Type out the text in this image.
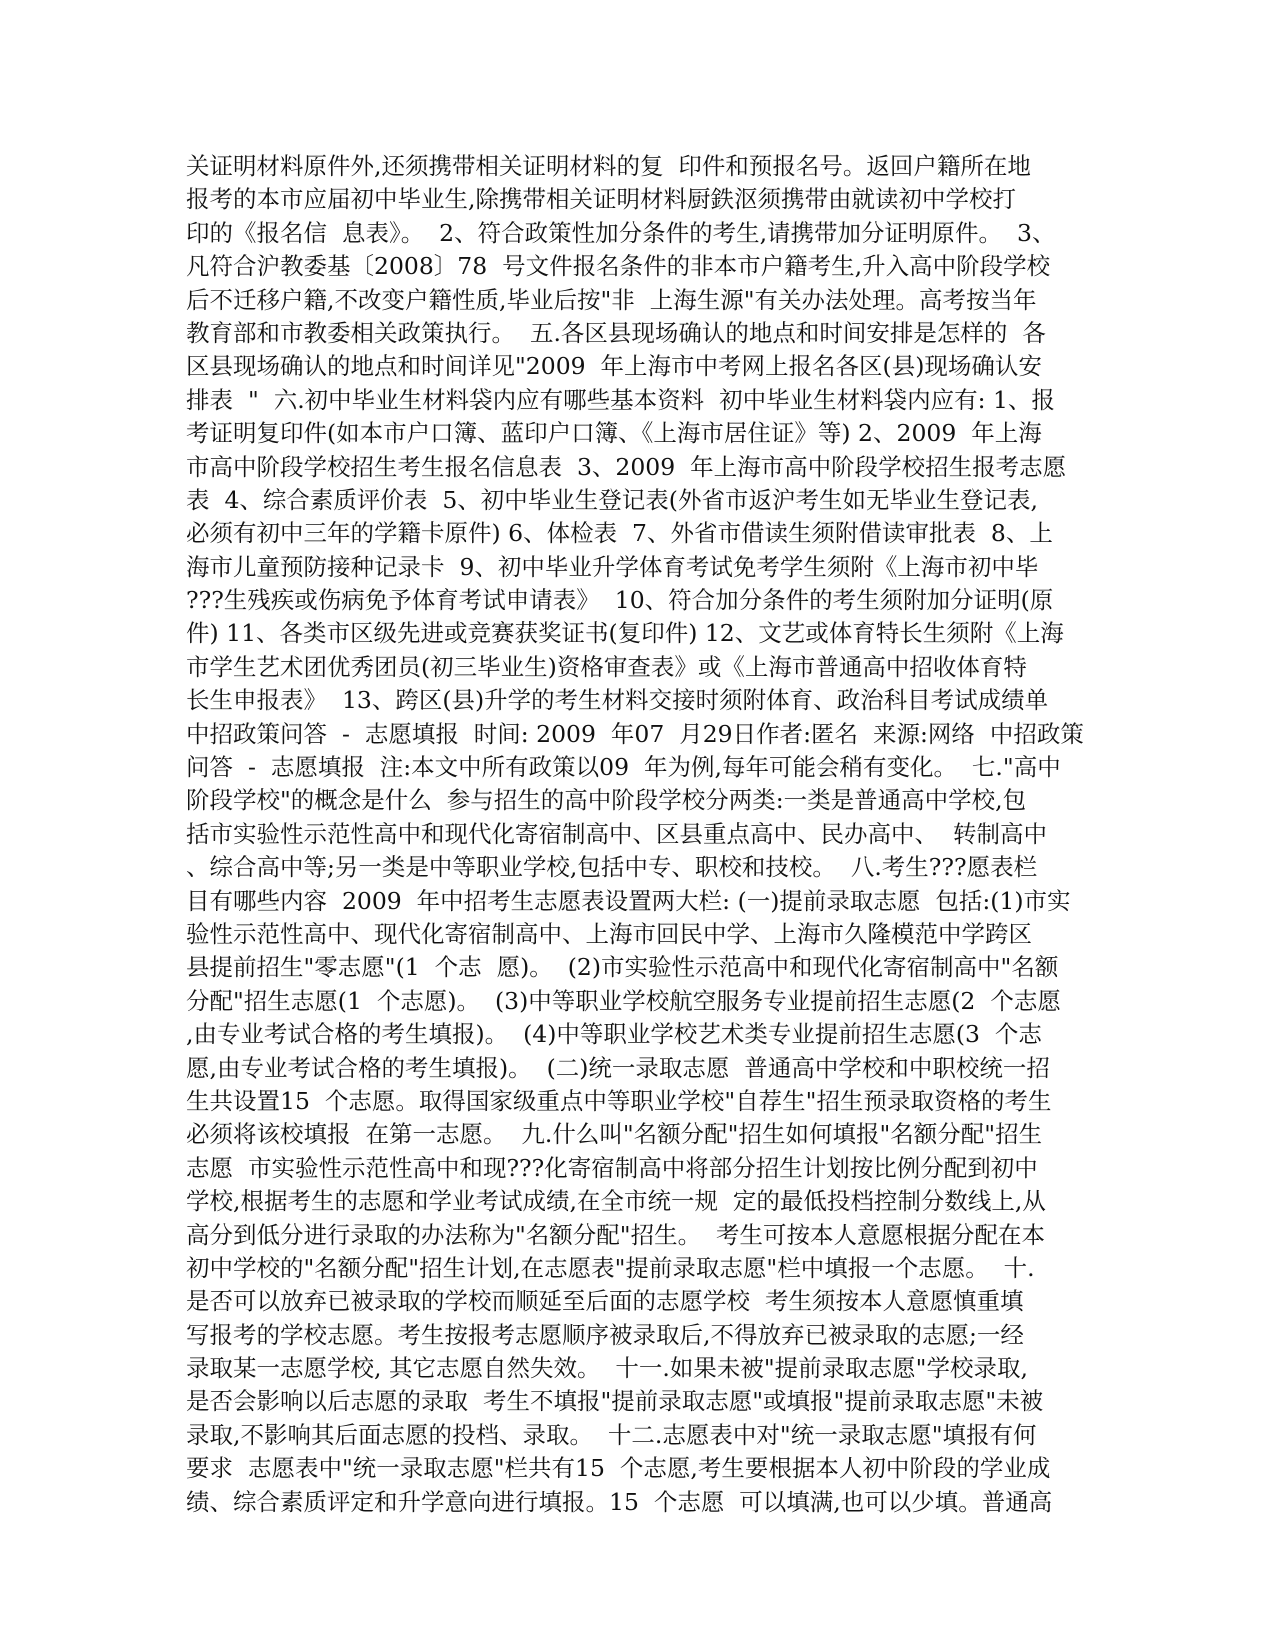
关证明材料原件外,还须携带相关证明材料的复  印件和预报名号。返回户籍所在地
报考的本市应届初中毕业生,除携带相关证明材料厨鉄沤须携带由就读初中学校打
印的《报名信  息表》。  2、符合政策性加分条件的考生,请携带加分证明原件。  3、
凡符合沪教委基〔2008〕78  号文件报名条件的非本市户籍考生,升入高中阶段学校
后不迁移户籍,不改变户籍性质,毕业后按"非  上海生源"有关办法处理。高考按当年
教育部和市教委相关政策执行。  五.各区县现场确认的地点和时间安排是怎样的  各
区县现场确认的地点和时间详见"2009  年上海市中考网上报名各区(县)现场确认安
排表  "  六.初中毕业生材料袋内应有哪些基本资料  初中毕业生材料袋内应有: 1、报
考证明复印件(如本市户口簿、蓝印户口簿、《上海市居住证》等) 2、2009  年上海
市高中阶段学校招生考生报名信息表  3、2009  年上海市高中阶段学校招生报考志愿
表  4、综合素质评价表  5、初中毕业生登记表(外省市返沪考生如无毕业生登记表,
必须有初中三年的学籍卡原件) 6、体检表  7、外省市借读生须附借读审批表  8、上
海市儿童预防接种记录卡  9、初中毕业升学体育考试免考学生须附《上海市初中毕
???生残疾或伤病免予体育考试申请表》  10、符合加分条件的考生须附加分证明(原
件) 11、各类市区级先进或竞赛获奖证书(复印件) 12、文艺或体育特长生须附《上海
市学生艺术团优秀团员(初三毕业生)资格审查表》或《上海市普通高中招收体育特
长生申报表》  13、跨区(县)升学的考生材料交接时须附体育、政治科目考试成绩单
中招政策问答  -  志愿填报  时间: 2009  年07  月29日作者:匿名  来源:网络  中招政策
问答  -  志愿填报  注:本文中所有政策以09  年为例,每年可能会稍有变化。  七."高中
阶段学校"的概念是什么  参与招生的高中阶段学校分两类:一类是普通高中学校,包
括市实验性示范性高中和现代化寄宿制高中、区县重点高中、民办高中、  转制高中
、综合高中等;另一类是中等职业学校,包括中专、职校和技校。  八.考生???愿表栏
目有哪些内容  2009  年中招考生志愿表设置两大栏: (一)提前录取志愿  包括:(1)市实
验性示范性高中、现代化寄宿制高中、上海市回民中学、上海市久隆模范中学跨区
县提前招生"零志愿"(1  个志  愿)。  (2)市实验性示范高中和现代化寄宿制高中"名额
分配"招生志愿(1  个志愿)。  (3)中等职业学校航空服务专业提前招生志愿(2  个志愿
,由专业考试合格的考生填报)。  (4)中等职业学校艺术类专业提前招生志愿(3  个志
愿,由专业考试合格的考生填报)。  (二)统一录取志愿  普通高中学校和中职校统一招
生共设置15  个志愿。取得国家级重点中等职业学校"自荐生"招生预录取资格的考生
必须将该校填报  在第一志愿。  九.什么叫"名额分配"招生如何填报"名额分配"招生
志愿  市实验性示范性高中和现???化寄宿制高中将部分招生计划按比例分配到初中
学校,根据考生的志愿和学业考试成绩,在全市统一规  定的最低投档控制分数线上,从
高分到低分进行录取的办法称为"名额分配"招生。  考生可按本人意愿根据分配在本
初中学校的"名额分配"招生计划,在志愿表"提前录取志愿"栏中填报一个志愿。  十.
是否可以放弃已被录取的学校而顺延至后面的志愿学校  考生须按本人意愿慎重填
写报考的学校志愿。考生按报考志愿顺序被录取后,不得放弃已被录取的志愿;一经
录取某一志愿学校, 其它志愿自然失效。  十一.如果未被"提前录取志愿"学校录取,
是否会影响以后志愿的录取  考生不填报"提前录取志愿"或填报"提前录取志愿"未被
录取,不影响其后面志愿的投档、录取。  十二.志愿表中对"统一录取志愿"填报有何
要求  志愿表中"统一录取志愿"栏共有15  个志愿,考生要根据本人初中阶段的学业成
绩、综合素质评定和升学意向进行填报。15  个志愿  可以填满,也可以少填。普通高
